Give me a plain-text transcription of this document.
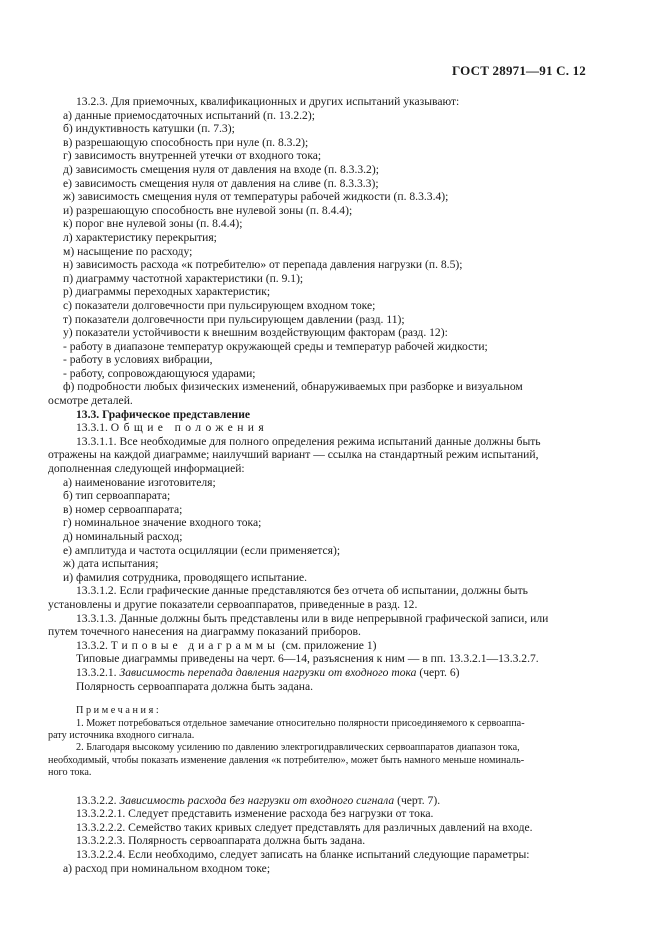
ГОСТ 28971—91 С. 12

13.2.3. Для приемочных, квалификационных и других испытаний указывают:

а) данные приемосдаточных испытаний (п. 13.2.2);

б) индуктивность катушки (п. 7.3);

в) разрешающую способность при нуле (п. 8.3.2);

г) зависимость внутренней утечки от входного тока;

д) зависимость смещения нуля от давления на входе (п. 8.3.3.2);

е) зависимость смещения нуля от давления на сливе (п. 8.3.3.3);

ж) зависимость смещения нуля от температуры рабочей жидкости (п. 8.3.3.4);

и) разрешающую способность вне нулевой зоны (п. 8.4.4);

к) порог вне нулевой зоны (п. 8.4.4);

л) характеристику перекрытия;

м) насыщение по расходу;

н) зависимость расхода «к потребителю» от перепада давления нагрузки (п. 8.5);

п) диаграмму частотной характеристики (п. 9.1);

р) диаграммы переходных характеристик;

с) показатели долговечности при пульсирующем входном токе;

т) показатели долговечности при пульсирующем давлении (разд. 11);

у) показатели устойчивости к внешним воздействующим факторам (разд. 12):

- работу в диапазоне температур окружающей среды и температур рабочей жидкости;

- работу в условиях вибрации,

- работу, сопровождающуюся ударами;

ф) подробности любых физических изменений, обнаруживаемых при разборке и визуальном

осмотре деталей.

13.3. Графическое представление

13.3.1. Общие положения

13.3.1.1. Все необходимые для полного определения режима испытаний данные должны быть
отражены на каждой диаграмме; наилучший вариант — ссылка на стандартный режим испытаний,
дополненная следующей информацией:

а) наименование изготовителя;

б) тип сервоаппарата;

в) номер сервоаппарата;

г) номинальное значение входного тока;

д) номинальный расход;

е) амплитуда и частота осцилляции (если применяется);

ж) дата испытания;

и) фамилия сотрудника, проводящего испытание.

13.3.1.2. Если графические данные представляются без отчета об испытании, должны быть
установлены и другие показатели сервоаппаратов, приведенные в разд. 12.

13.3.1.3. Данные должны быть представлены или в виде непрерывной графической записи, или
путем точечного нанесения на диаграмму показаний приборов.

13.3.2. Типовые диаграммы (см. приложение 1)

Типовые диаграммы приведены на черт. 6—14, разъяснения к ним — в пп. 13.3.2.1—13.3.2.7.

13.3.2.1. Зависимость перепада давления нагрузки от входного тока (черт. 6)

Полярность сервоаппарата должна быть задана.

Примечания:

1. Может потребоваться отдельное замечание относительно полярности присоединяемого к сервоаппа-
рату источника входного сигнала.

2. Благодаря высокому усилению по давлению электрогидравлических сервоаппаратов диапазон тока,
необходимый, чтобы показать изменение давления «к потребителю», может быть намного меньше номиналь-
ного тока.

13.3.2.2. Зависимость расхода без нагрузки от входного сигнала (черт. 7).

13.3.2.2.1. Следует представить изменение расхода без нагрузки от тока.

13.3.2.2.2. Семейство таких кривых следует представлять для различных давлений на входе.

13.3.2.2.3. Полярность сервоаппарата должна быть задана.

13.3.2.2.4. Если необходимо, следует записать на бланке испытаний следующие параметры:

а) расход при номинальном входном токе;
